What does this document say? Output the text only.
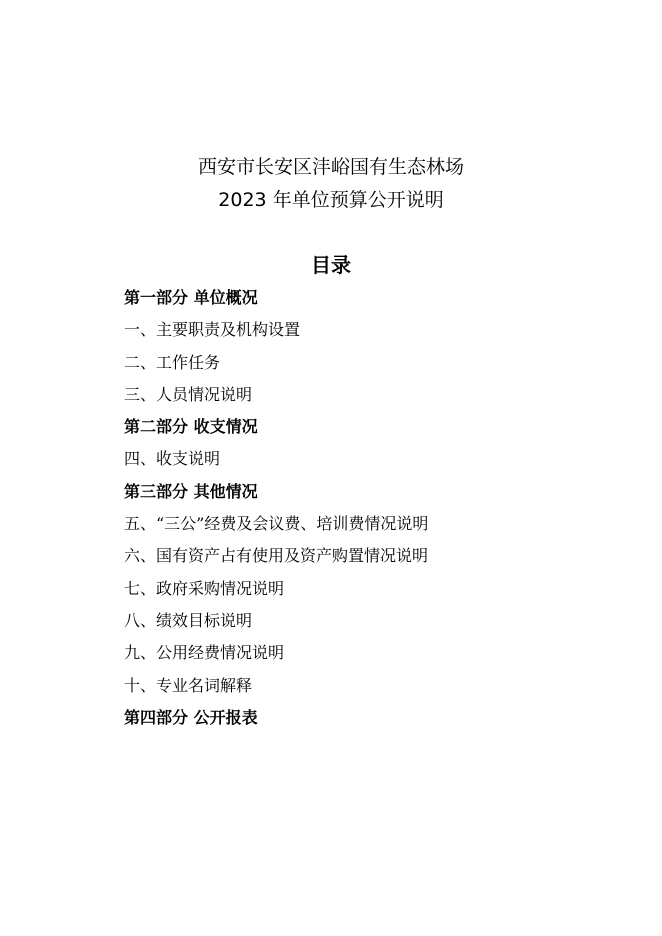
西安市长安区沣峪国有生态林场
2023 年单位预算公开说明
目录
第一部分 单位概况
一、主要职责及机构设置
二、工作任务
三、人员情况说明
第二部分 收支情况
四、收支说明
第三部分 其他情况
五、“三公”经费及会议费、培训费情况说明
六、国有资产占有使用及资产购置情况说明
七、政府采购情况说明
八、绩效目标说明
九、公用经费情况说明
十、专业名词解释
第四部分 公开报表
